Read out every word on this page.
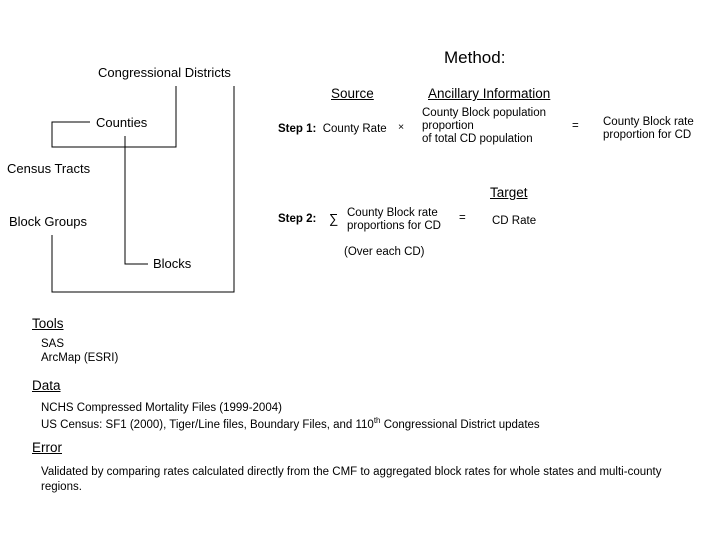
Congressional Districts
Counties
Census Tracts
Block Groups
Blocks
Method:
Source	Ancillary Information
Step 1: County Rate ×
County Block population
proportion
of total CD population
= County Block rate
proportion for CD
Target
Step 2: ∑ County Block rate
proportions for CD
= CD Rate
(Over each CD)
Tools
SAS
ArcMap (ESRI)
Data
NCHS Compressed Mortality Files (1999-2004)
US Census: SF1 (2000), Tiger/Line files, Boundary Files, and 110th Congressional District updates
Error
Validated by comparing rates calculated directly from the CMF to aggregated block rates for whole states and multi-county regions.
